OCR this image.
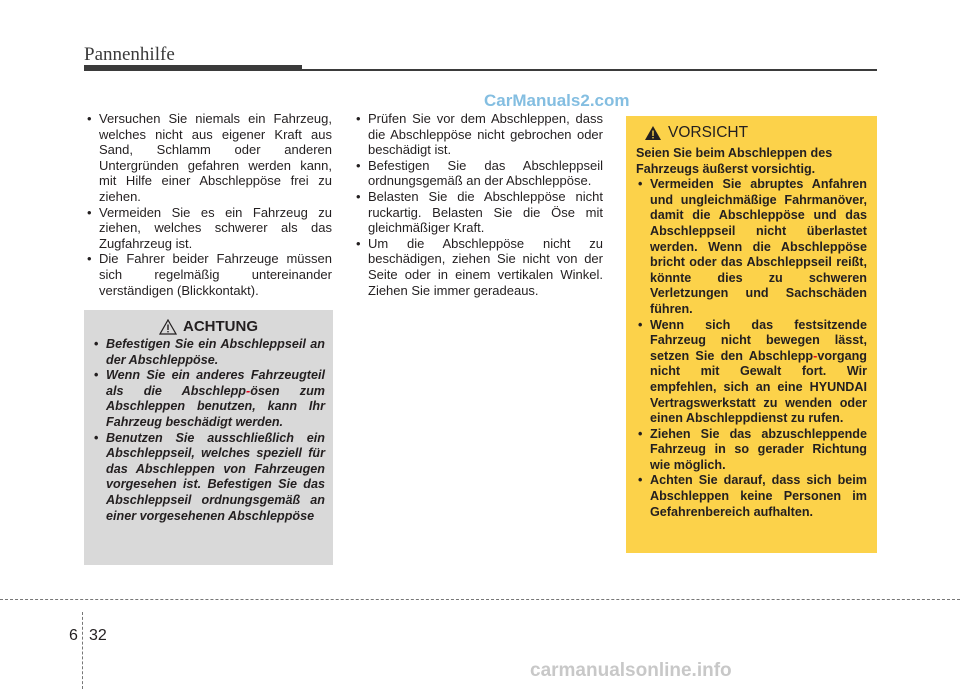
Pannenhilfe
CarManuals2.com
• Versuchen Sie niemals ein Fahrzeug, welches nicht aus eigener Kraft aus Sand, Schlamm oder anderen Untergründen gefahren werden kann, mit Hilfe einer Abschleppöse frei zu ziehen.
• Vermeiden Sie es ein Fahrzeug zu ziehen, welches schwerer als das Zugfahrzeug ist.
• Die Fahrer beider Fahrzeuge müssen sich regelmäßig untereinander verständigen (Blickkontakt).
ACHTUNG
• Befestigen Sie ein Abschleppseil an der Abschleppöse.
• Wenn Sie ein anderes Fahrzeugteil als die Abschlepp-ösen zum Abschleppen benutzen, kann Ihr Fahrzeug beschädigt werden.
• Benutzen Sie ausschließlich ein Abschleppseil, welches speziell für das Abschleppen von Fahrzeugen vorgesehen ist. Befestigen Sie das Abschleppseil ordnungsgemäß an einer vorgesehenen Abschleppöse
• Prüfen Sie vor dem Abschleppen, dass die Abschleppöse nicht gebrochen oder beschädigt ist.
• Befestigen Sie das Abschleppseil ordnungsgemäß an der Abschleppöse.
• Belasten Sie die Abschleppöse nicht ruckartig. Belasten Sie die Öse mit gleichmäßiger Kraft.
• Um die Abschleppöse nicht zu beschädigen, ziehen Sie nicht von der Seite oder in einem vertikalen Winkel. Ziehen Sie immer geradeaus.
VORSICHT

Seien Sie beim Abschleppen des Fahrzeugs äußerst vorsichtig.

• Vermeiden Sie abruptes Anfahren und ungleichmäßige Fahrmanöver, damit die Abschleppöse und das Abschleppseil nicht überlastet werden. Wenn die Abschleppöse bricht oder das Abschleppseil reißt, könnte dies zu schweren Verletzungen und Sachschäden führen.
• Wenn sich das festsitzende Fahrzeug nicht bewegen lässt, setzen Sie den Abschlepp-vorgang nicht mit Gewalt fort. Wir empfehlen, sich an eine HYUNDAI Vertragswerkstatt zu wenden oder einen Abschleppdienst zu rufen.
• Ziehen Sie das abzuschleppende Fahrzeug in so gerader Richtung wie möglich.
• Achten Sie darauf, dass sich beim Abschleppen keine Personen im Gefahrenbereich aufhalten.
6 32
carmanualsonline.info
